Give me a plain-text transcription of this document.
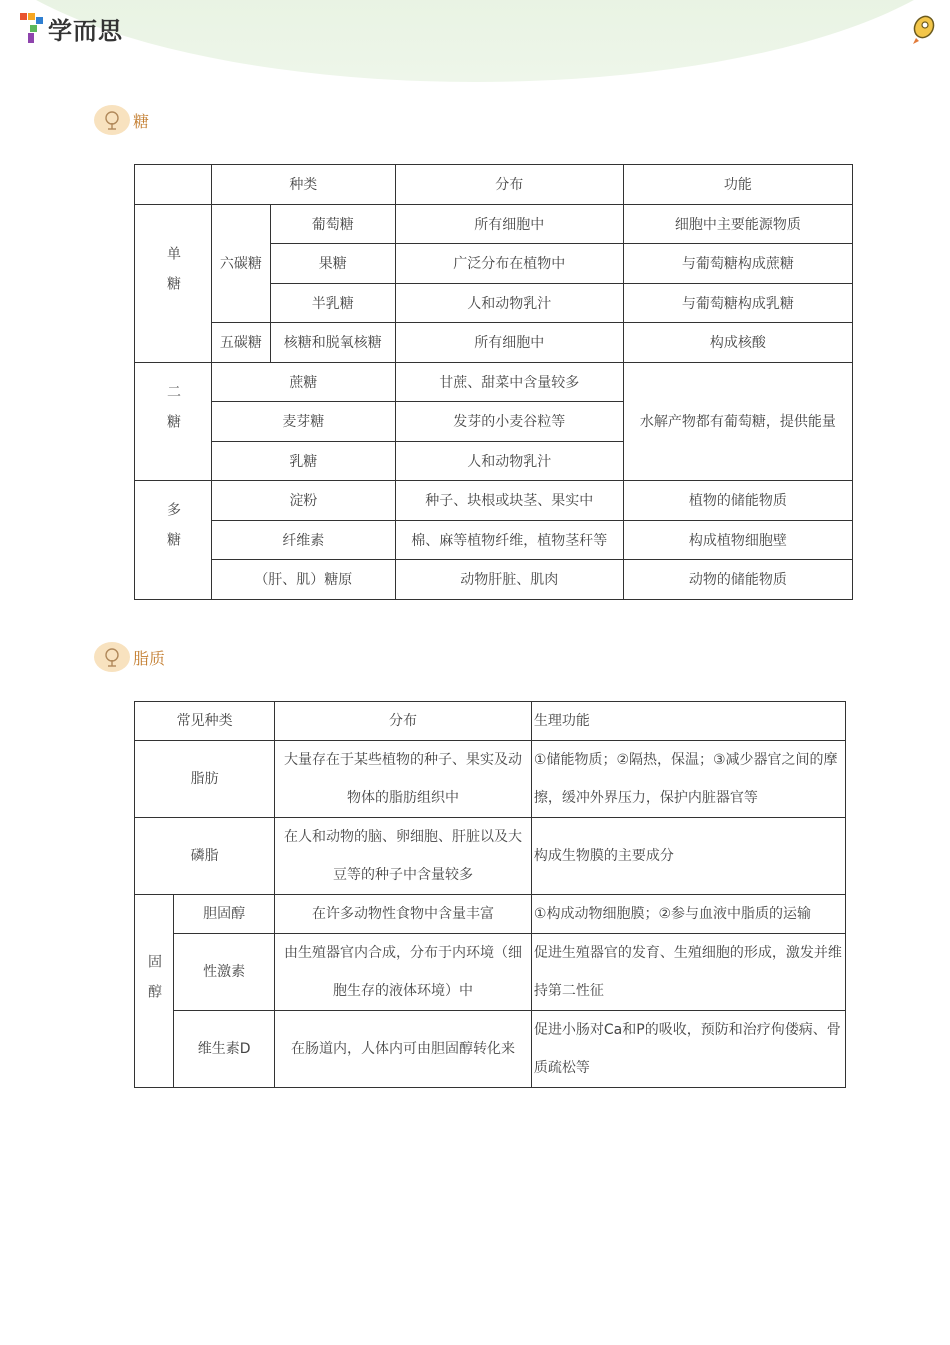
学而思
糖
	种类		分布	功能
单糖	六碳糖	葡萄糖	所有细胞中	细胞中主要能源物质
		果糖	广泛分布在植物中	与葡萄糖构成蔗糖
		半乳糖	人和动物乳汁	与葡萄糖构成乳糖
	五碳糖	核糖和脱氧核糖	所有细胞中	构成核酸
二糖	蔗糖		甘蔗、甜菜中含量较多	水解产物都有葡萄糖，提供能量
	麦芽糖		发芽的小麦谷粒等	
	乳糖		人和动物乳汁	
多糖	淀粉		种子、块根或块茎、果实中	植物的储能物质
	纤维素		棉、麻等植物纤维，植物茎秆等	构成植物细胞壁
	（肝、肌）糖原		动物肝脏、肌肉	动物的储能物质
脂质
常见种类		分布	生理功能
脂肪		大量存在于某些植物的种子、果实及动物体的脂肪组织中	①储能物质；②隔热，保温；③减少器官之间的摩擦，缓冲外界压力，保护内脏器官等
磷脂		在人和动物的脑、卵细胞、肝脏以及大豆等的种子中含量较多	构成生物膜的主要成分
固醇	胆固醇	在许多动物性食物中含量丰富	①构成动物细胞膜；②参与血液中脂质的运输
	性激素	由生殖器官内合成，分布于内环境（细胞生存的液体环境）中	促进生殖器官的发育、生殖细胞的形成，激发并维持第二性征
	维生素D	在肠道内，人体内可由胆固醇转化来	促进小肠对Ca和P的吸收，预防和治疗佝偻病、骨质疏松等
